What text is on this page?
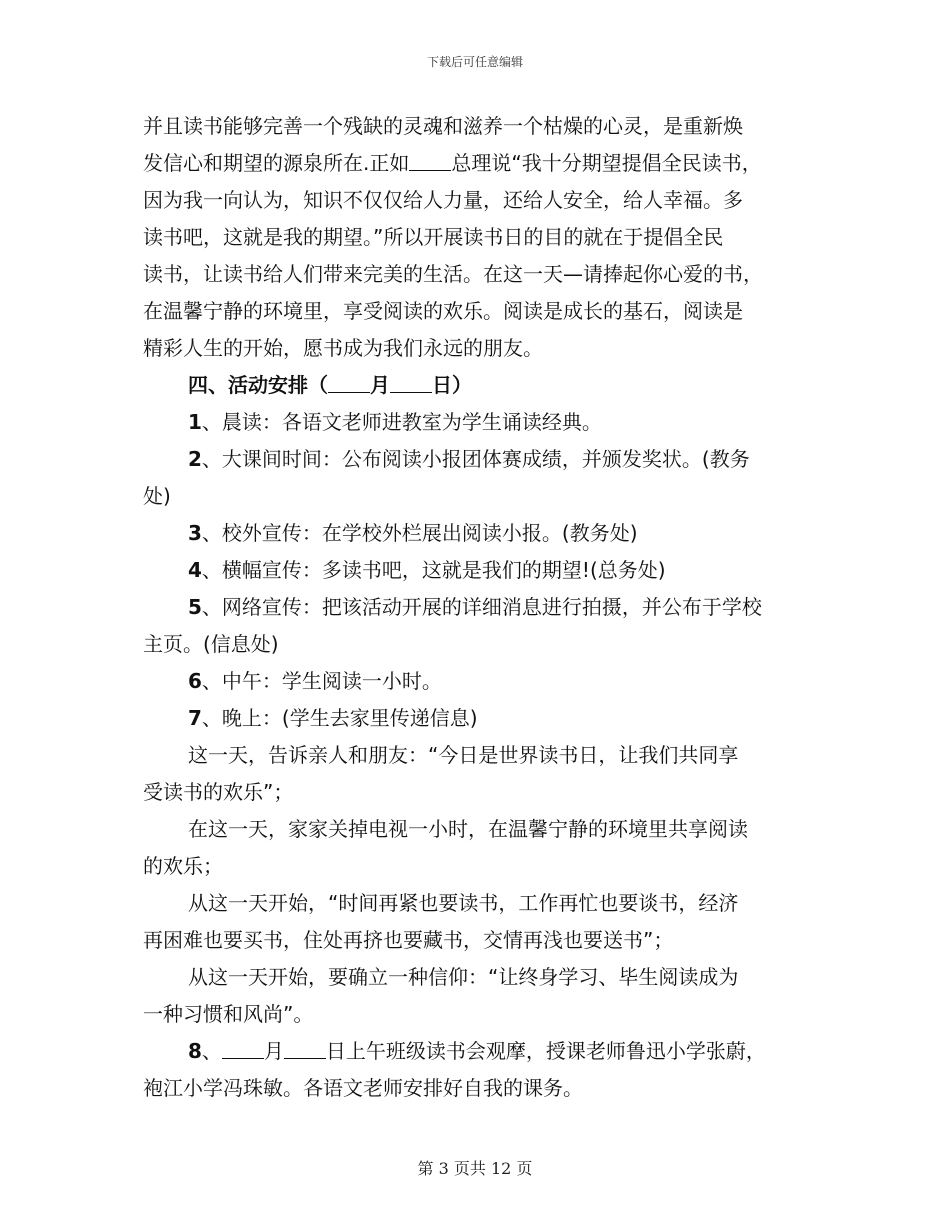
下载后可任意编辑
并且读书能够完善一个残缺的灵魂和滋养一个枯燥的心灵，是重新焕
发信心和期望的源泉所在.正如 总理说“我十分期望提倡全民读书，
因为我一向认为，知识不仅仅给人力量，还给人安全，给人幸福。多
读书吧，这就是我的期望。”所以开展读书日的目的就在于提倡全民
读书，让读书给人们带来完美的生活。在这一天—请捧起你心爱的书，
在温馨宁静的环境里，享受阅读的欢乐。阅读是成长的基石，阅读是
精彩人生的开始，愿书成为我们永远的朋友。
四、活动安排（ 月 日）
1、晨读：各语文老师进教室为学生诵读经典。
2、大课间时间：公布阅读小报团体赛成绩，并颁发奖状。(教务
处)
3、校外宣传：在学校外栏展出阅读小报。(教务处)
4、横幅宣传：多读书吧，这就是我们的期望!(总务处)
5、网络宣传：把该活动开展的详细消息进行拍摄，并公布于学校
主页。(信息处)
6、中午：学生阅读一小时。
7、晚上：(学生去家里传递信息)
这一天，告诉亲人和朋友：“今日是世界读书日，让我们共同享
受读书的欢乐”；
在这一天，家家关掉电视一小时，在温馨宁静的环境里共享阅读
的欢乐；
从这一天开始，“时间再紧也要读书，工作再忙也要谈书，经济
再困难也要买书，住处再挤也要藏书，交情再浅也要送书”；
从这一天开始，要确立一种信仰：“让终身学习、毕生阅读成为
一种习惯和风尚”。
8、 月 日上午班级读书会观摩，授课老师鲁迅小学张蔚，
袍江小学冯珠敏。各语文老师安排好自我的课务。
第 3 页共 12 页
